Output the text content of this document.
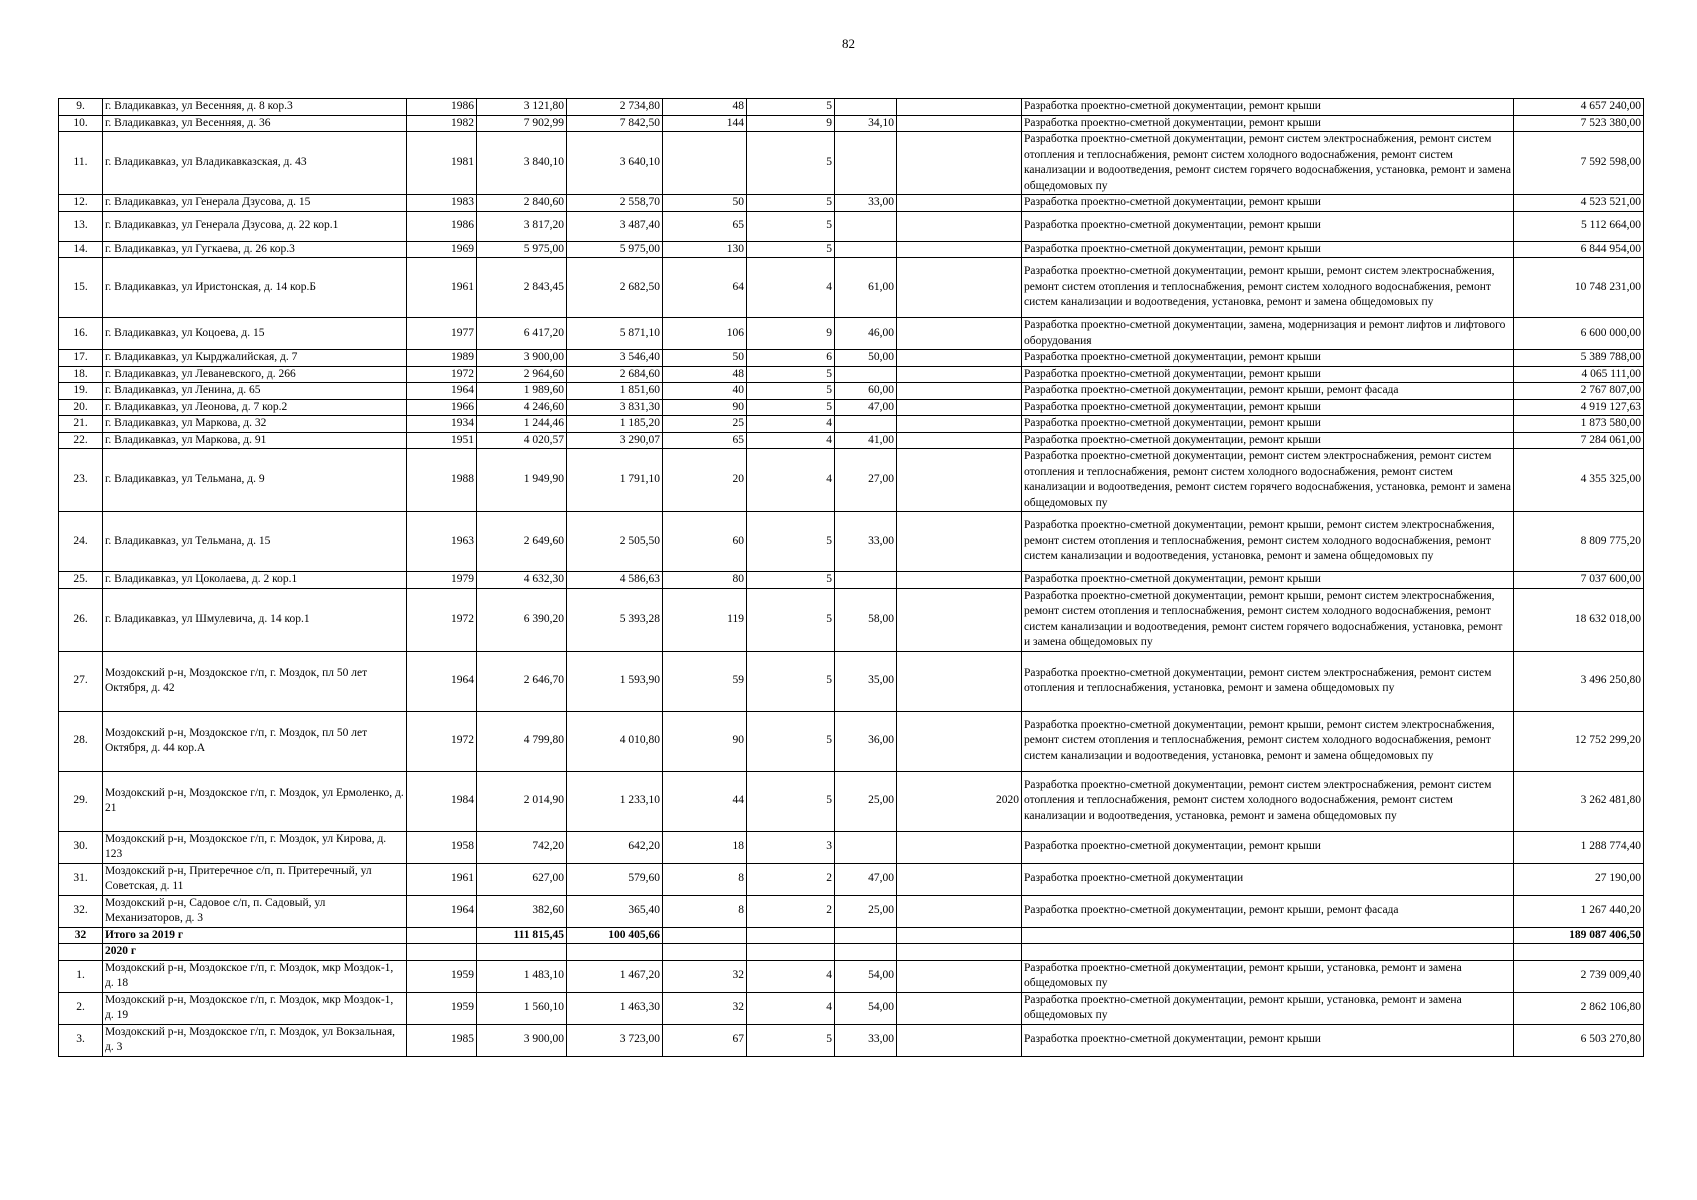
82
9.	г. Владикавказ, ул Весенняя, д. 8 кор.3	1986	3 121,80	2 734,80	48	5			Разработка проектно-сметной документации, ремонт крыши	4 657 240,00
10.	г. Владикавказ, ул Весенняя, д. 36	1982	7 902,99	7 842,50	144	9	34,10		Разработка проектно-сметной документации, ремонт крыши	7 523 380,00
11.	г. Владикавказ, ул Владикавказская, д. 43	1981	3 840,10	3 640,10		5			Разработка проектно-сметной документации, ремонт систем электроснабжения, ремонт систем отопления и теплоснабжения, ремонт систем холодного водоснабжения, ремонт систем канализации и водоотведения, ремонт систем горячего водоснабжения, установка, ремонт и замена общедомовых пу	7 592 598,00
12.	г. Владикавказ, ул Генерала Дзусова, д. 15	1983	2 840,60	2 558,70	50	5	33,00		Разработка проектно-сметной документации, ремонт крыши	4 523 521,00
13.	г. Владикавказ, ул Генерала Дзусова, д. 22 кор.1	1986	3 817,20	3 487,40	65	5			Разработка проектно-сметной документации, ремонт крыши	5 112 664,00
14.	г. Владикавказ, ул Гугкаева, д. 26 кор.3	1969	5 975,00	5 975,00	130	5			Разработка проектно-сметной документации, ремонт крыши	6 844 954,00
15.	г. Владикавказ, ул Иристонская, д. 14 кор.Б	1961	2 843,45	2 682,50	64	4	61,00		Разработка проектно-сметной документации, ремонт крыши, ремонт систем электроснабжения, ремонт систем отопления и теплоснабжения, ремонт систем холодного водоснабжения, ремонт систем канализации и водоотведения, установка, ремонт и замена общедомовых пу	10 748 231,00
16.	г. Владикавказ, ул Коцоева, д. 15	1977	6 417,20	5 871,10	106	9	46,00		Разработка проектно-сметной документации, замена, модернизация и ремонт лифтов и лифтового оборудования	6 600 000,00
17.	г. Владикавказ, ул Кырджалийская, д. 7	1989	3 900,00	3 546,40	50	6	50,00		Разработка проектно-сметной документации, ремонт крыши	5 389 788,00
18.	г. Владикавказ, ул Леваневского, д. 266	1972	2 964,60	2 684,60	48	5			Разработка проектно-сметной документации, ремонт крыши	4 065 111,00
19.	г. Владикавказ, ул Ленина, д. 65	1964	1 989,60	1 851,60	40	5	60,00		Разработка проектно-сметной документации, ремонт крыши, ремонт фасада	2 767 807,00
20.	г. Владикавказ, ул Леонова, д. 7 кор.2	1966	4 246,60	3 831,30	90	5	47,00		Разработка проектно-сметной документации, ремонт крыши	4 919 127,63
21.	г. Владикавказ, ул Маркова, д. 32	1934	1 244,46	1 185,20	25	4			Разработка проектно-сметной документации, ремонт крыши	1 873 580,00
22.	г. Владикавказ, ул Маркова, д. 91	1951	4 020,57	3 290,07	65	4	41,00		Разработка проектно-сметной документации, ремонт крыши	7 284 061,00
23.	г. Владикавказ, ул Тельмана, д. 9	1988	1 949,90	1 791,10	20	4	27,00		Разработка проектно-сметной документации, ремонт систем электроснабжения, ремонт систем отопления и теплоснабжения, ремонт систем холодного водоснабжения, ремонт систем канализации и водоотведения, ремонт систем горячего водоснабжения, установка, ремонт и замена общедомовых пу	4 355 325,00
24.	г. Владикавказ, ул Тельмана, д. 15	1963	2 649,60	2 505,50	60	5	33,00		Разработка проектно-сметной документации, ремонт крыши, ремонт систем электроснабжения, ремонт систем отопления и теплоснабжения, ремонт систем холодного водоснабжения, ремонт систем канализации и водоотведения, установка, ремонт и замена общедомовых пу	8 809 775,20
25.	г. Владикавказ, ул Цоколаева, д. 2 кор.1	1979	4 632,30	4 586,63	80	5			Разработка проектно-сметной документации, ремонт крыши	7 037 600,00
26.	г. Владикавказ, ул Шмулевича, д. 14 кор.1	1972	6 390,20	5 393,28	119	5	58,00		Разработка проектно-сметной документации, ремонт крыши, ремонт систем электроснабжения, ремонт систем отопления и теплоснабжения, ремонт систем холодного водоснабжения, ремонт систем канализации и водоотведения, ремонт систем горячего водоснабжения, установка, ремонт и замена общедомовых пу	18 632 018,00
27.	Моздокский р-н, Моздокское г/п, г. Моздок, пл 50 лет Октября, д. 42	1964	2 646,70	1 593,90	59	5	35,00		Разработка проектно-сметной документации, ремонт систем электроснабжения, ремонт систем отопления и теплоснабжения, установка, ремонт и замена общедомовых пу	3 496 250,80
28.	Моздокский р-н, Моздокское г/п, г. Моздок, пл 50 лет Октября, д. 44 кор.А	1972	4 799,80	4 010,80	90	5	36,00		Разработка проектно-сметной документации, ремонт крыши, ремонт систем электроснабжения, ремонт систем отопления и теплоснабжения, ремонт систем холодного водоснабжения, ремонт систем канализации и водоотведения, установка, ремонт и замена общедомовых пу	12 752 299,20
29.	Моздокский р-н, Моздокское г/п, г. Моздок, ул Ермоленко, д. 21	1984	2 014,90	1 233,10	44	5	25,00	2020	Разработка проектно-сметной документации, ремонт систем электроснабжения, ремонт систем отопления и теплоснабжения, ремонт систем холодного водоснабжения, ремонт систем канализации и водоотведения, установка, ремонт и замена общедомовых пу	3 262 481,80
30.	Моздокский р-н, Моздокское г/п, г. Моздок, ул Кирова, д. 123	1958	742,20	642,20	18	3			Разработка проектно-сметной документации, ремонт крыши	1 288 774,40
31.	Моздокский р-н, Притеречное с/п, п. Притеречный, ул Советская, д. 11	1961	627,00	579,60	8	2	47,00		Разработка проектно-сметной документации	27 190,00
32.	Моздокский р-н, Садовое с/п, п. Садовый, ул Механизаторов, д. 3	1964	382,60	365,40	8	2	25,00		Разработка проектно-сметной документации, ремонт крыши, ремонт фасада	1 267 440,20
32	Итого за 2019 г		111 815,45	100 405,66						189 087 406,50
	2020 г									
1.	Моздокский р-н, Моздокское г/п, г. Моздок, мкр Моздок-1, д. 18	1959	1 483,10	1 467,20	32	4	54,00		Разработка проектно-сметной документации, ремонт крыши, установка, ремонт и замена общедомовых пу	2 739 009,40
2.	Моздокский р-н, Моздокское г/п, г. Моздок, мкр Моздок-1, д. 19	1959	1 560,10	1 463,30	32	4	54,00		Разработка проектно-сметной документации, ремонт крыши, установка, ремонт и замена общедомовых пу	2 862 106,80
3.	Моздокский р-н, Моздокское г/п, г. Моздок, ул Вокзальная, д. 3	1985	3 900,00	3 723,00	67	5	33,00		Разработка проектно-сметной документации, ремонт крыши	6 503 270,80
